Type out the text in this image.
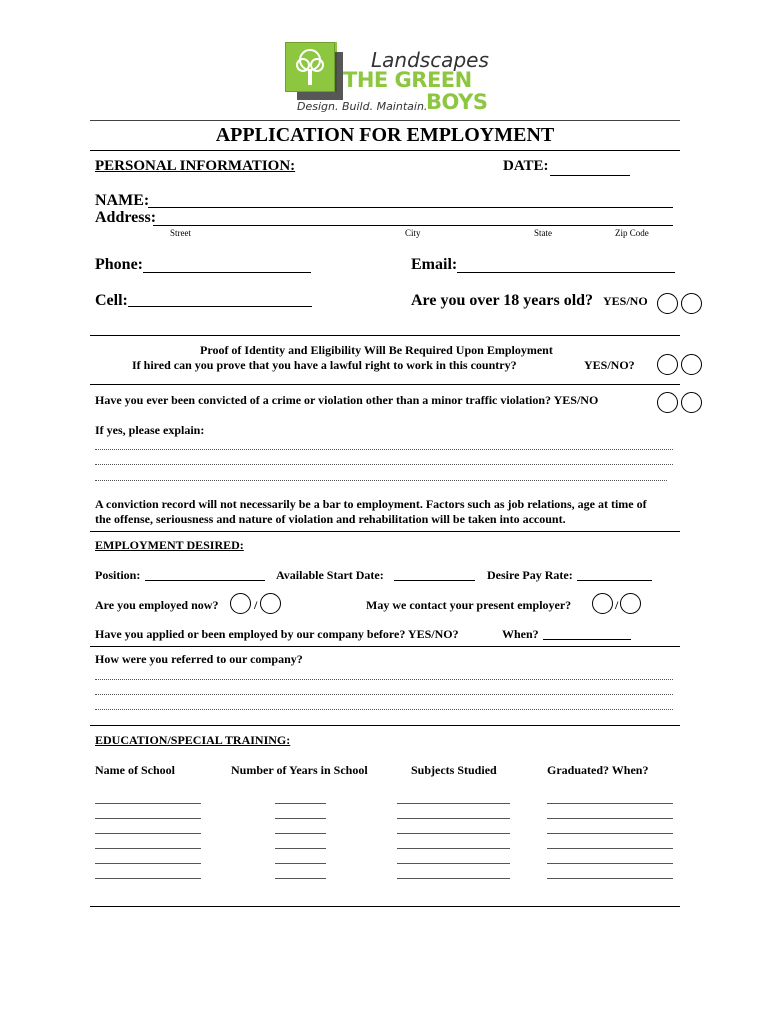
Landscapes
THE GREEN
BOYS
Design. Build. Maintain.
APPLICATION FOR EMPLOYMENT
PERSONAL INFORMATION:	DATE:
NAME:
Address:
Street	City	State	Zip Code
Phone:	Email:
Cell:	Are you over 18 years old? YES/NO
Proof of Identity and Eligibility Will Be Required Upon Employment
If hired can you prove that you have a lawful right to work in this country?	YES/NO?
Have you ever been convicted of a crime or violation other than a minor traffic violation? YES/NO
If yes, please explain:
A conviction record will not necessarily be a bar to employment. Factors such as job relations, age at time of
the offense, seriousness and nature of violation and rehabilitation will be taken into account.
EMPLOYMENT DESIRED:
Position:	Available Start Date:	Desire Pay Rate:
Are you employed now?	/	May we contact your present employer?	/
Have you applied or been employed by our company before? YES/NO?	When?
How were you referred to our company?
EDUCATION/SPECIAL TRAINING:
Name of School	Number of Years in School	Subjects Studied	Graduated? When?
